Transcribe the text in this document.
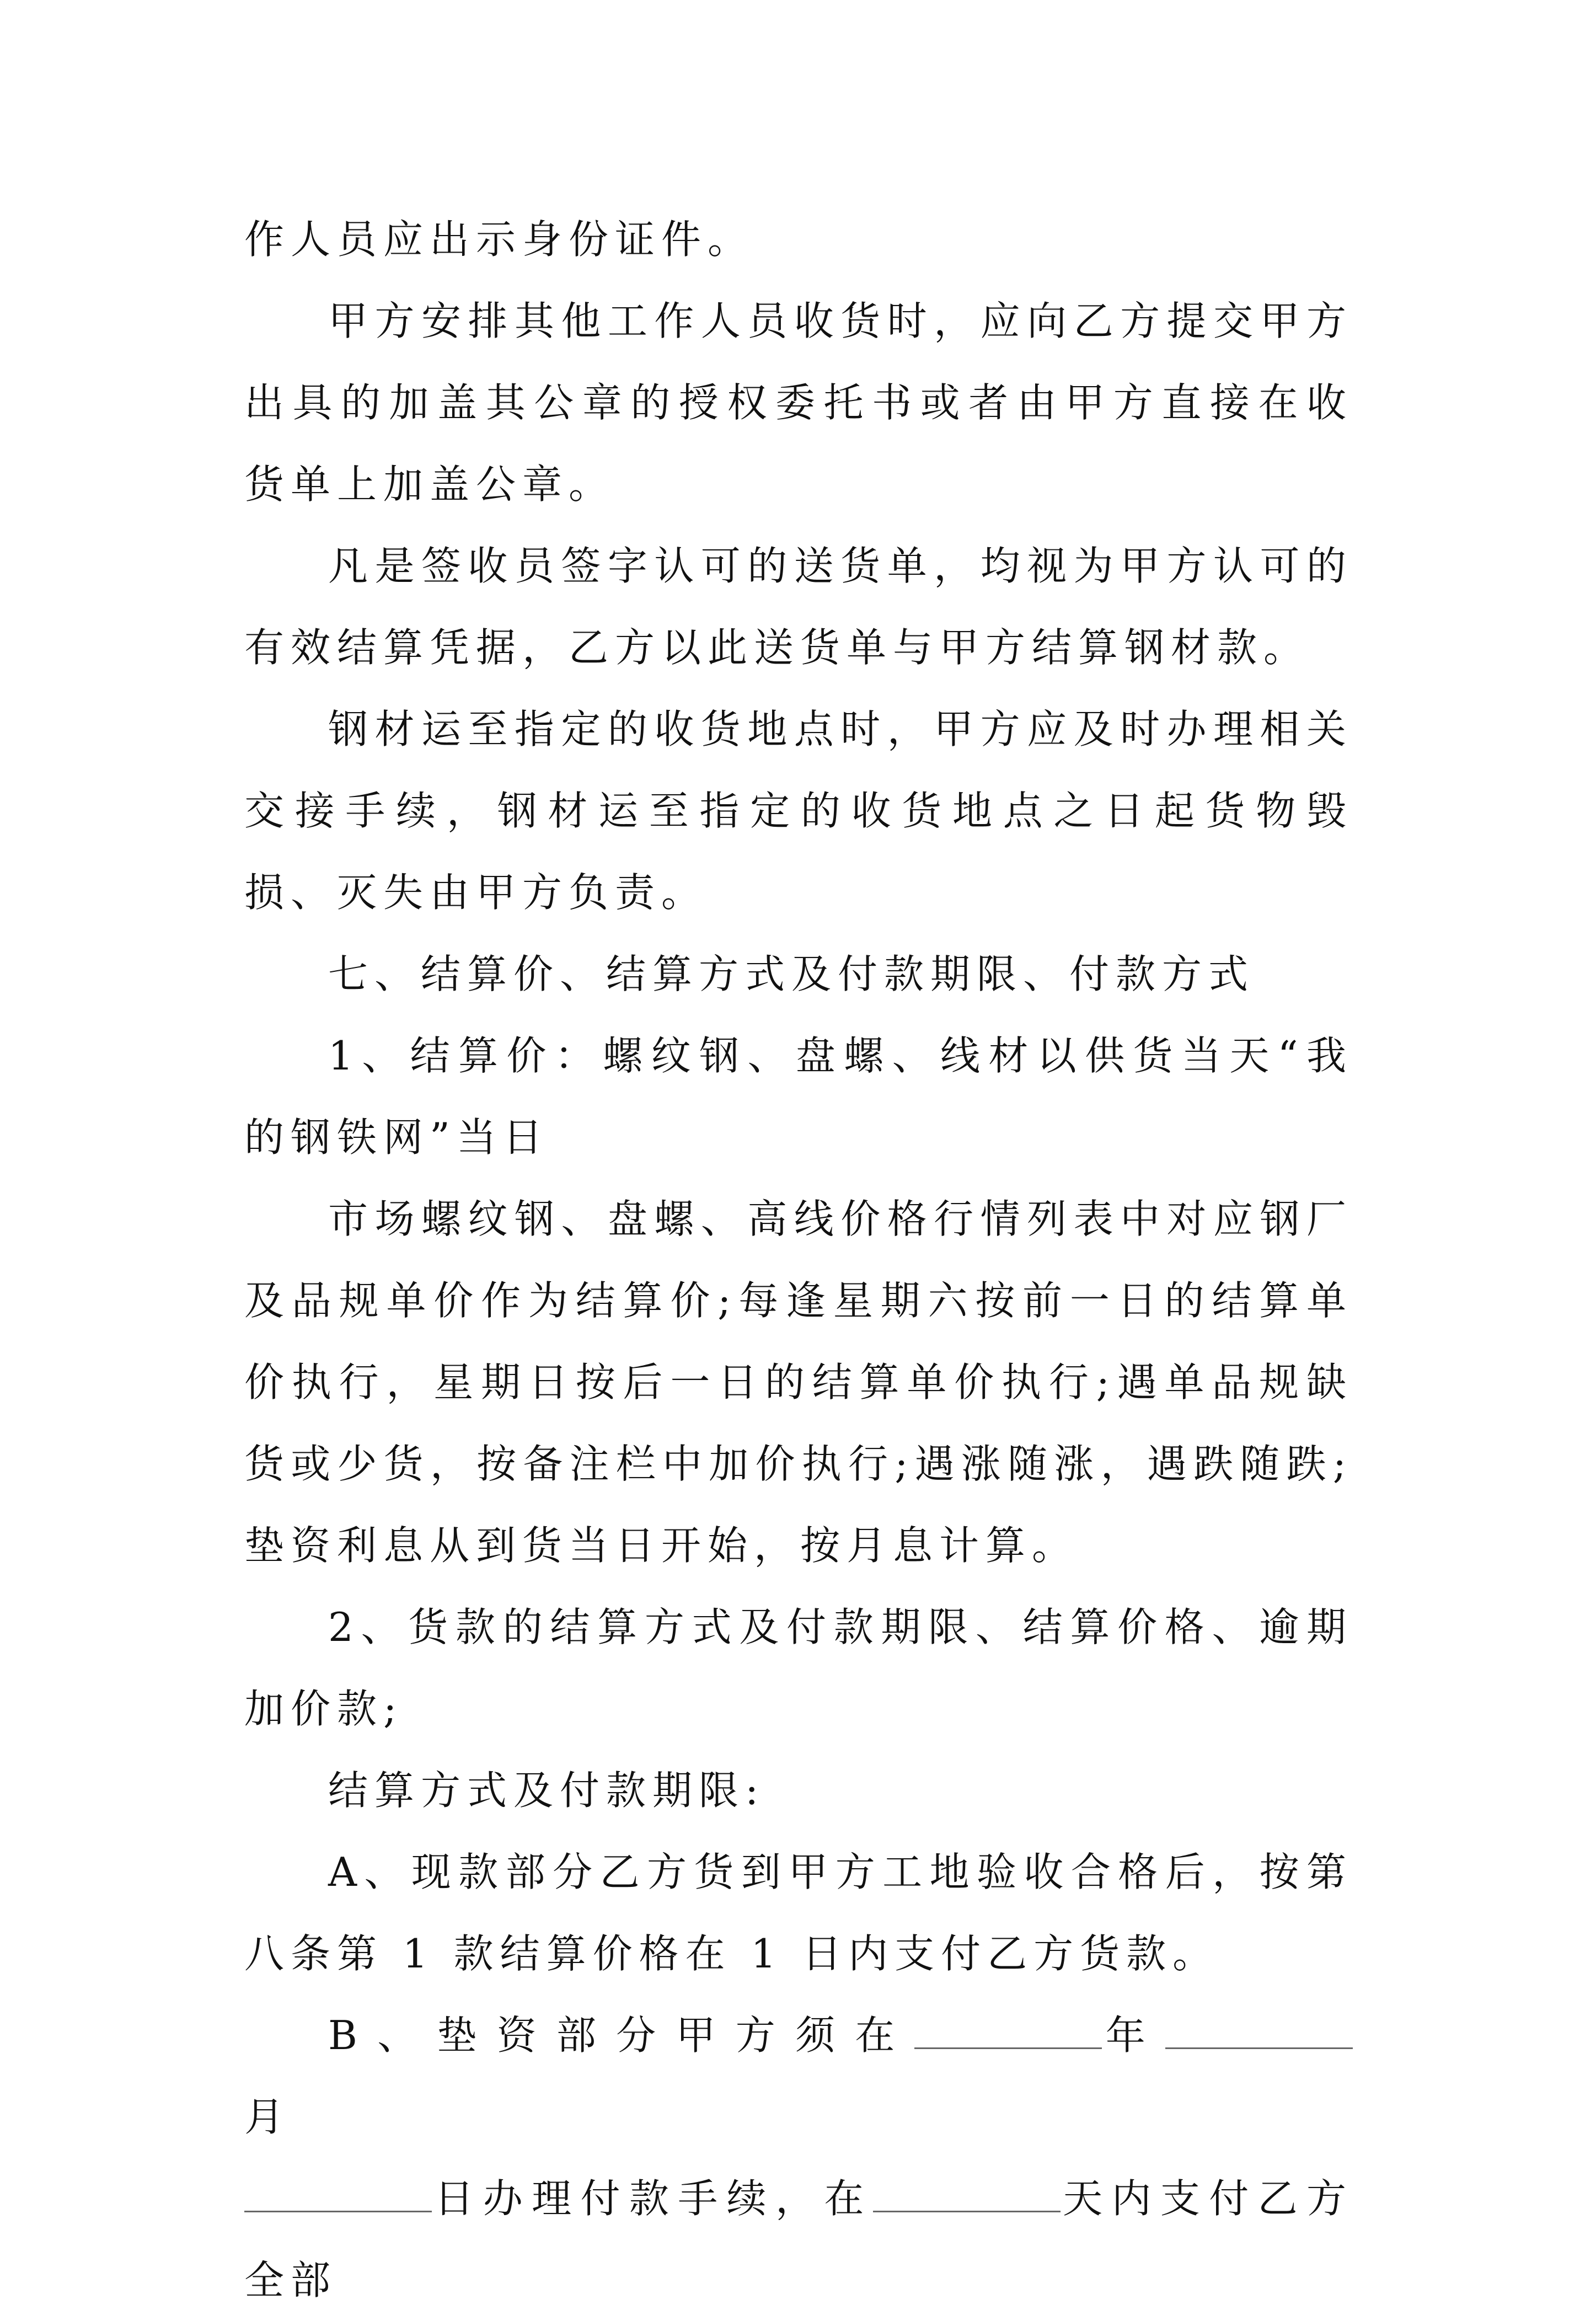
作人员应出示身份证件。

甲方安排其他工作人员收货时，应向乙方提交甲方出具的加盖其公章的授权委托书或者由甲方直接在收货单上加盖公章。

凡是签收员签字认可的送货单，均视为甲方认可的有效结算凭据，乙方以此送货单与甲方结算钢材款。

钢材运至指定的收货地点时，甲方应及时办理相关交接手续，钢材运至指定的收货地点之日起货物毁损、灭失由甲方负责。

七、结算价、结算方式及付款期限、付款方式

1、结算价：螺纹钢、盘螺、线材以供货当天“我的钢铁网”当日

市场螺纹钢、盘螺、高线价格行情列表中对应钢厂及品规单价作为结算价;每逢星期六按前一日的结算单价执行，星期日按后一日的结算单价执行;遇单品规缺货或少货，按备注栏中加价执行;遇涨随涨，遇跌随跌;垫资利息从到货当日开始，按月息计算。

2、货款的结算方式及付款期限、结算价格、逾期加价款;

结算方式及付款期限:

A、现款部分乙方货到甲方工地验收合格后，按第八条第 1 款结算价格在 1 日内支付乙方货款。

B、垫资部分甲方须在	年月

日办理付款手续，在	天内支付乙方全部
